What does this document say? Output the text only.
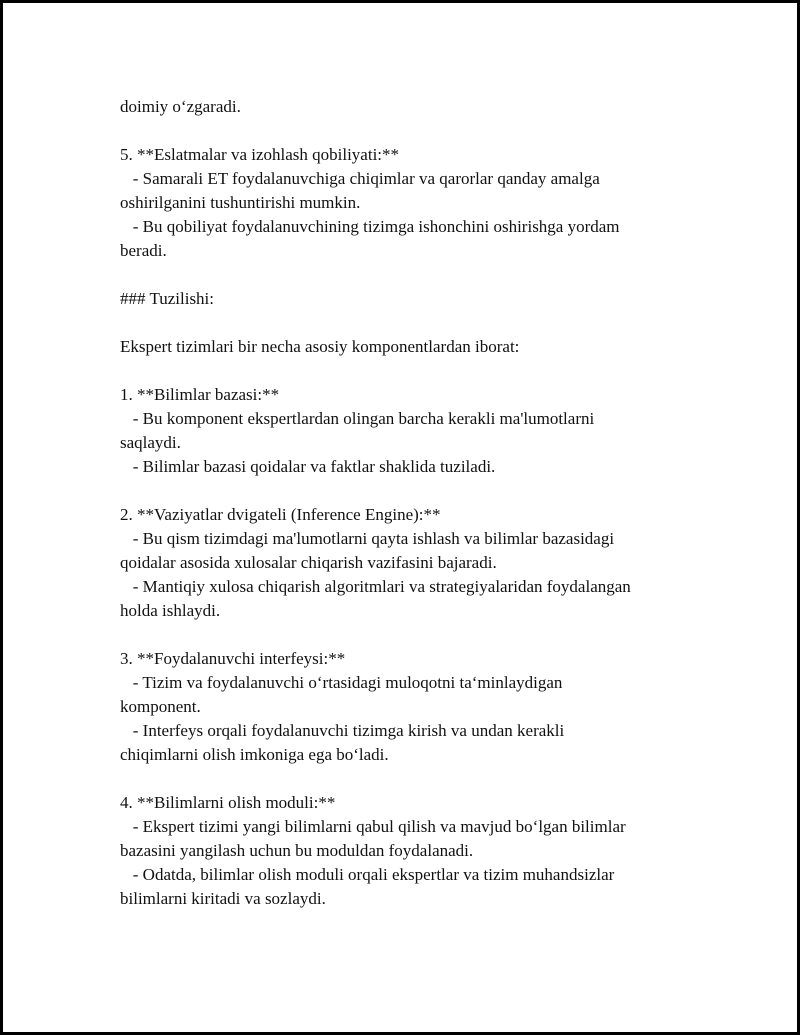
doimiy oʻzgaradi.
5. **Eslatmalar va izohlash qobiliyati:**
- Samarali ET foydalanuvchiga chiqimlar va qarorlar qanday amalga
oshirilganini tushuntirishi mumkin.
- Bu qobiliyat foydalanuvchining tizimga ishonchini oshirishga yordam
beradi.
### Tuzilishi:
Ekspert tizimlari bir necha asosiy komponentlardan iborat:
1. **Bilimlar bazasi:**
- Bu komponent ekspertlardan olingan barcha kerakli ma'lumotlarni
saqlaydi.
- Bilimlar bazasi qoidalar va faktlar shaklida tuziladi.
2. **Vaziyatlar dvigateli (Inference Engine):**
- Bu qism tizimdagi ma'lumotlarni qayta ishlash va bilimlar bazasidagi
qoidalar asosida xulosalar chiqarish vazifasini bajaradi.
- Mantiqiy xulosa chiqarish algoritmlari va strategiyalaridan foydalangan
holda ishlaydi.
3. **Foydalanuvchi interfeysi:**
- Tizim va foydalanuvchi oʻrtasidagi muloqotni taʻminlaydigan
komponent.
- Interfeys orqali foydalanuvchi tizimga kirish va undan kerakli
chiqimlarni olish imkoniga ega boʻladi.
4. **Bilimlarni olish moduli:**
- Ekspert tizimi yangi bilimlarni qabul qilish va mavjud boʻlgan bilimlar
bazasini yangilash uchun bu moduldan foydalanadi.
- Odatda, bilimlar olish moduli orqali ekspertlar va tizim muhandsizlar
bilimlarni kiritadi va sozlaydi.
